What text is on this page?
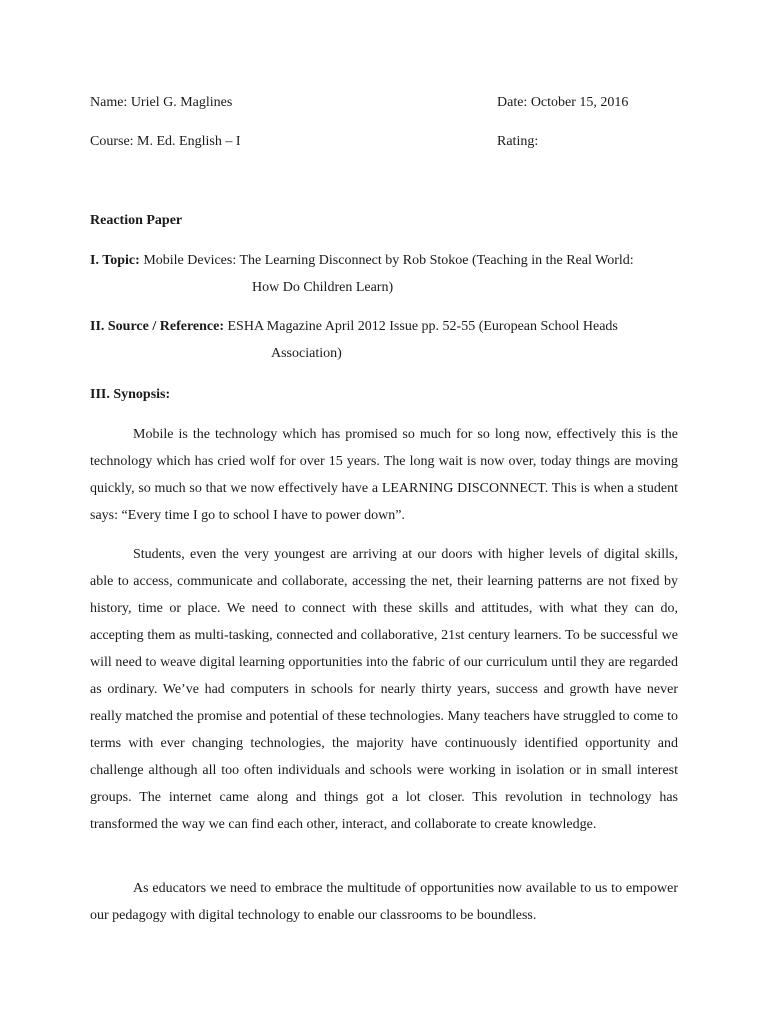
Name: Uriel G. Maglines	Date: October 15, 2016
Course: M. Ed. English – I	Rating:
Reaction Paper

I. Topic: Mobile Devices: The Learning Disconnect by Rob Stokoe (Teaching in the Real World:
How Do Children Learn)

II. Source / Reference: ESHA Magazine April 2012 Issue pp. 52-55 (European School Heads
Association)

III. Synopsis:

Mobile is the technology which has promised so much for so long now, effectively this is the technology which has cried wolf for over 15 years. The long wait is now over, today things are moving quickly, so much so that we now effectively have a LEARNING DISCONNECT. This is when a student says: “Every time I go to school I have to power down”.

Students, even the very youngest are arriving at our doors with higher levels of digital skills, able to access, communicate and collaborate, accessing the net, their learning patterns are not fixed by history, time or place. We need to connect with these skills and attitudes, with what they can do, accepting them as multi-tasking, connected and collaborative, 21st century learners. To be successful we will need to weave digital learning opportunities into the fabric of our curriculum until they are regarded as ordinary. We’ve had computers in schools for nearly thirty years, success and growth have never really matched the promise and potential of these technologies. Many teachers have struggled to come to terms with ever changing technologies, the majority have continuously identified opportunity and challenge although all too often individuals and schools were working in isolation or in small interest groups. The internet came along and things got a lot closer. This revolution in technology has transformed the way we can find each other, interact, and collaborate to create knowledge.

As educators we need to embrace the multitude of opportunities now available to us to empower our pedagogy with digital technology to enable our classrooms to be boundless.
